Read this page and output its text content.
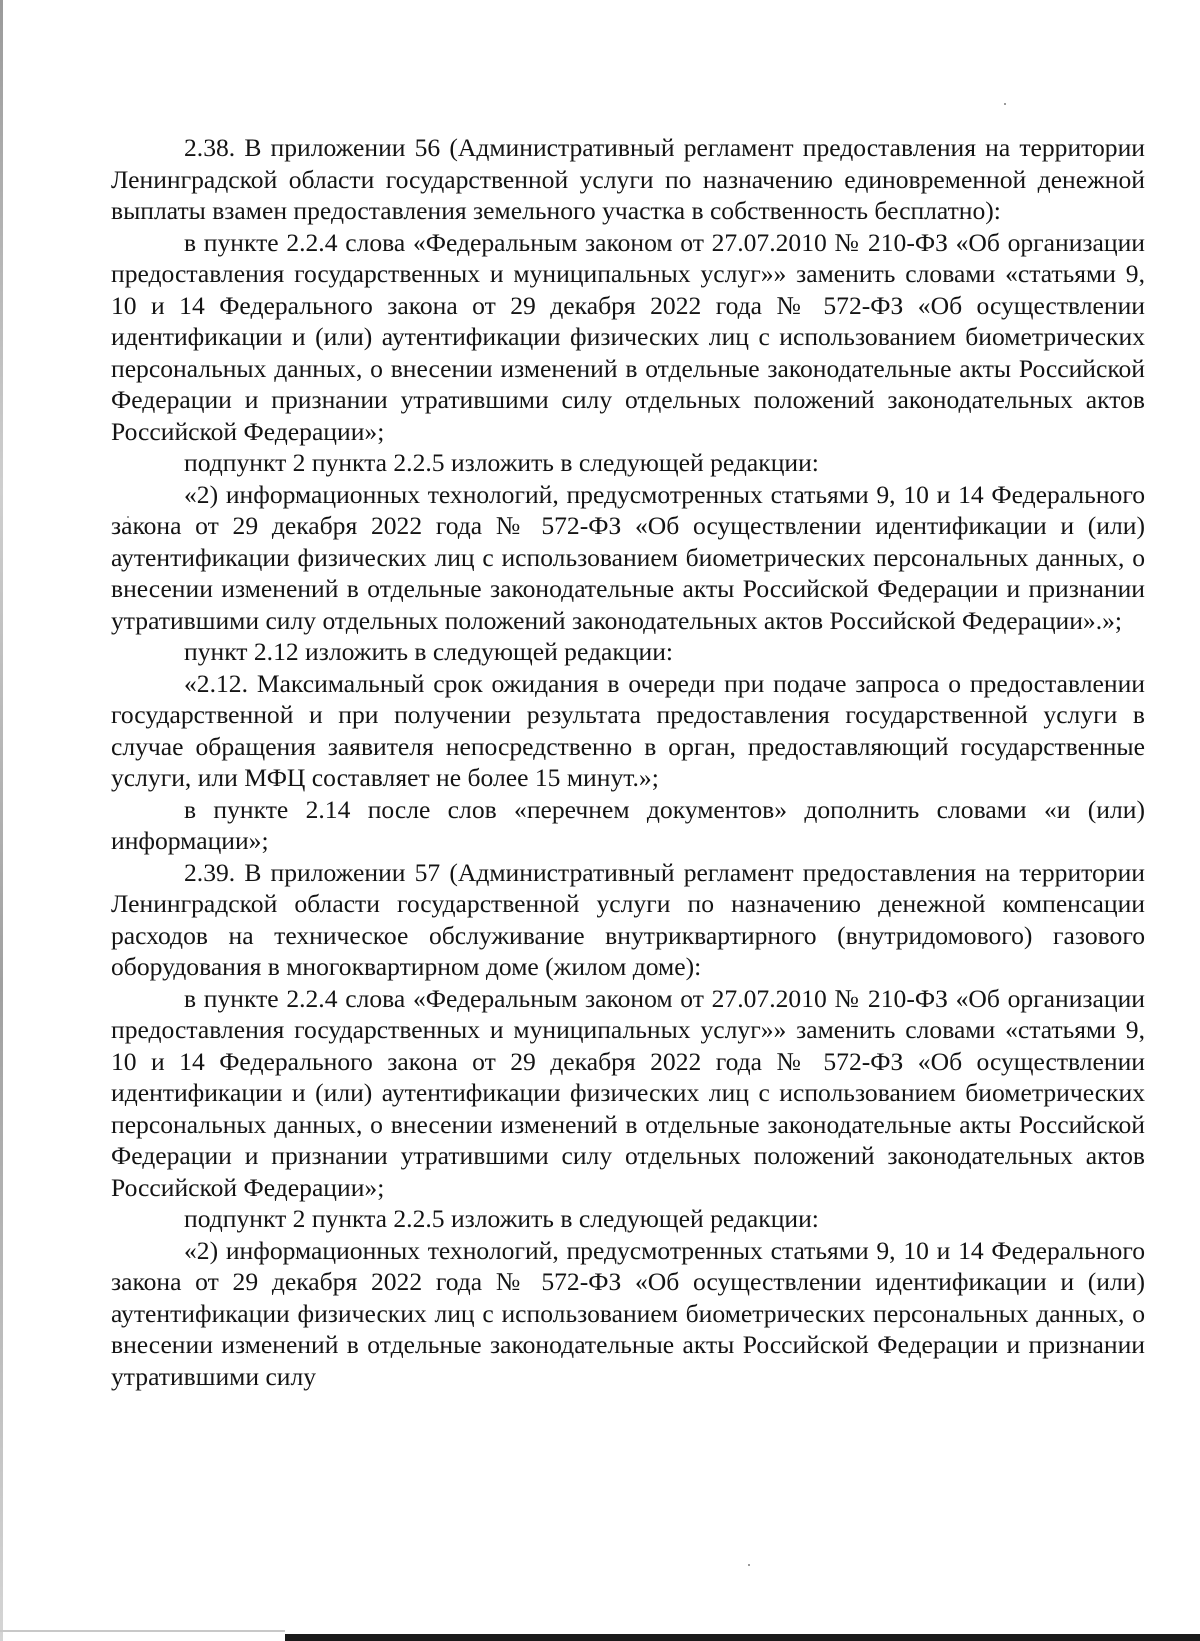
2.38. В приложении 56 (Административный регламент предоставления на территории Ленинградской области государственной услуги по назначению единовременной денежной выплаты взамен предоставления земельного участка в собственность бесплатно):

в пункте 2.2.4 слова «Федеральным законом от 27.07.2010 № 210-ФЗ «Об организации предоставления государственных и муниципальных услуг»» заменить словами «статьями 9, 10 и 14 Федерального закона от 29 декабря 2022 года № 572-ФЗ «Об осуществлении идентификации и (или) аутентификации физических лиц с использованием биометрических персональных данных, о внесении изменений в отдельные законодательные акты Российской Федерации и признании утратившими силу отдельных положений законодательных актов Российской Федерации»;

подпункт 2 пункта 2.2.5 изложить в следующей редакции:

«2) информационных технологий, предусмотренных статьями 9, 10 и 14 Федерального закона от 29 декабря 2022 года № 572-ФЗ «Об осуществлении идентификации и (или) аутентификации физических лиц с использованием биометрических персональных данных, о внесении изменений в отдельные законодательные акты Российской Федерации и признании утратившими силу отдельных положений законодательных актов Российской Федерации».»;

пункт 2.12 изложить в следующей редакции:

«2.12. Максимальный срок ожидания в очереди при подаче запроса о предоставлении государственной и при получении результата предоставления государственной услуги в случае обращения заявителя непосредственно в орган, предоставляющий государственные услуги, или МФЦ составляет не более 15 минут.»;

в пункте 2.14 после слов «перечнем документов» дополнить словами «и (или) информации»;

2.39. В приложении 57 (Административный регламент предоставления на территории Ленинградской области государственной услуги по назначению денежной компенсации расходов на техническое обслуживание внутриквартирного (внутридомового) газового оборудования в многоквартирном доме (жилом доме):

в пункте 2.2.4 слова «Федеральным законом от 27.07.2010 № 210-ФЗ «Об организации предоставления государственных и муниципальных услуг»» заменить словами «статьями 9, 10 и 14 Федерального закона от 29 декабря 2022 года № 572-ФЗ «Об осуществлении идентификации и (или) аутентификации физических лиц с использованием биометрических персональных данных, о внесении изменений в отдельные законодательные акты Российской Федерации и признании утратившими силу отдельных положений законодательных актов Российской Федерации»;

подпункт 2 пункта 2.2.5 изложить в следующей редакции:

«2) информационных технологий, предусмотренных статьями 9, 10 и 14 Федерального закона от 29 декабря 2022 года № 572-ФЗ «Об осуществлении идентификации и (или) аутентификации физических лиц с использованием биометрических персональных данных, о внесении изменений в отдельные законодательные акты Российской Федерации и признании утратившими силу
